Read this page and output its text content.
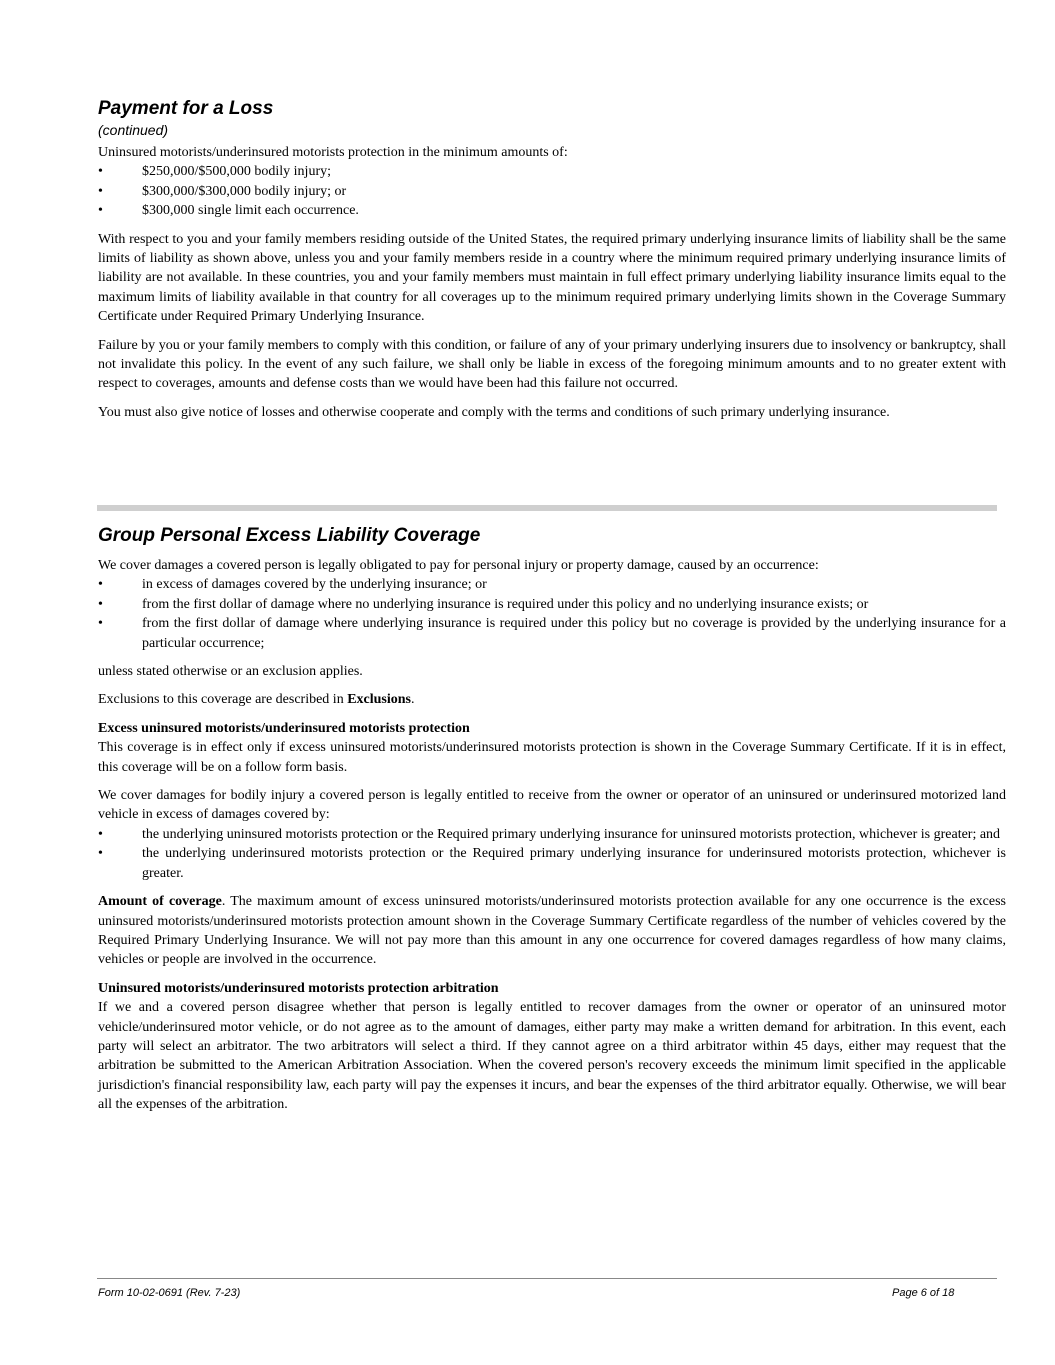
Payment for a Loss
(continued)

Uninsured motorists/underinsured motorists protection in the minimum amounts of:

• $250,000/$500,000 bodily injury;
• $300,000/$300,000 bodily injury; or
• $300,000 single limit each occurrence.

With respect to you and your family members residing outside of the United States, the required primary underlying insurance limits of liability shall be the same limits of liability as shown above, unless you and your family members reside in a country where the minimum required primary underlying insurance limits of liability are not available. In these countries, you and your family members must maintain in full effect primary underlying liability insurance limits equal to the maximum limits of liability available in that country for all coverages up to the minimum required primary underlying limits shown in the Coverage Summary Certificate under Required Primary Underlying Insurance.

Failure by you or your family members to comply with this condition, or failure of any of your primary underlying insurers due to insolvency or bankruptcy, shall not invalidate this policy. In the event of any such failure, we shall only be liable in excess of the foregoing minimum amounts and to no greater extent with respect to coverages, amounts and defense costs than we would have been had this failure not occurred.

You must also give notice of losses and otherwise cooperate and comply with the terms and conditions of such primary underlying insurance.

Group Personal Excess Liability Coverage

We cover damages a covered person is legally obligated to pay for personal injury or property damage, caused by an occurrence:

• in excess of damages covered by the underlying insurance; or
• from the first dollar of damage where no underlying insurance is required under this policy and no underlying insurance exists; or
• from the first dollar of damage where underlying insurance is required under this policy but no coverage is provided by the underlying insurance for a particular occurrence;

unless stated otherwise or an exclusion applies.

Exclusions to this coverage are described in Exclusions.

Excess uninsured motorists/underinsured motorists protection

This coverage is in effect only if excess uninsured motorists/underinsured motorists protection is shown in the Coverage Summary Certificate. If it is in effect, this coverage will be on a follow form basis.

We cover damages for bodily injury a covered person is legally entitled to receive from the owner or operator of an uninsured or underinsured motorized land vehicle in excess of damages covered by:

• the underlying uninsured motorists protection or the Required primary underlying insurance for uninsured motorists protection, whichever is greater; and
• the underlying underinsured motorists protection or the Required primary underlying insurance for underinsured motorists protection, whichever is greater.

Amount of coverage. The maximum amount of excess uninsured motorists/underinsured motorists protection available for any one occurrence is the excess uninsured motorists/underinsured motorists protection amount shown in the Coverage Summary Certificate regardless of the number of vehicles covered by the Required Primary Underlying Insurance. We will not pay more than this amount in any one occurrence for covered damages regardless of how many claims, vehicles or people are involved in the occurrence.

Uninsured motorists/underinsured motorists protection arbitration

If we and a covered person disagree whether that person is legally entitled to recover damages from the owner or operator of an uninsured motor vehicle/underinsured motor vehicle, or do not agree as to the amount of damages, either party may make a written demand for arbitration. In this event, each party will select an arbitrator. The two arbitrators will select a third. If they cannot agree on a third arbitrator within 45 days, either may request that the arbitration be submitted to the American Arbitration Association. When the covered person's recovery exceeds the minimum limit specified in the applicable jurisdiction's financial responsibility law, each party will pay the expenses it incurs, and bear the expenses of the third arbitrator equally. Otherwise, we will bear all the expenses of the arbitration.

Form 10-02-0691 (Rev. 7-23)	Page 6 of 18
